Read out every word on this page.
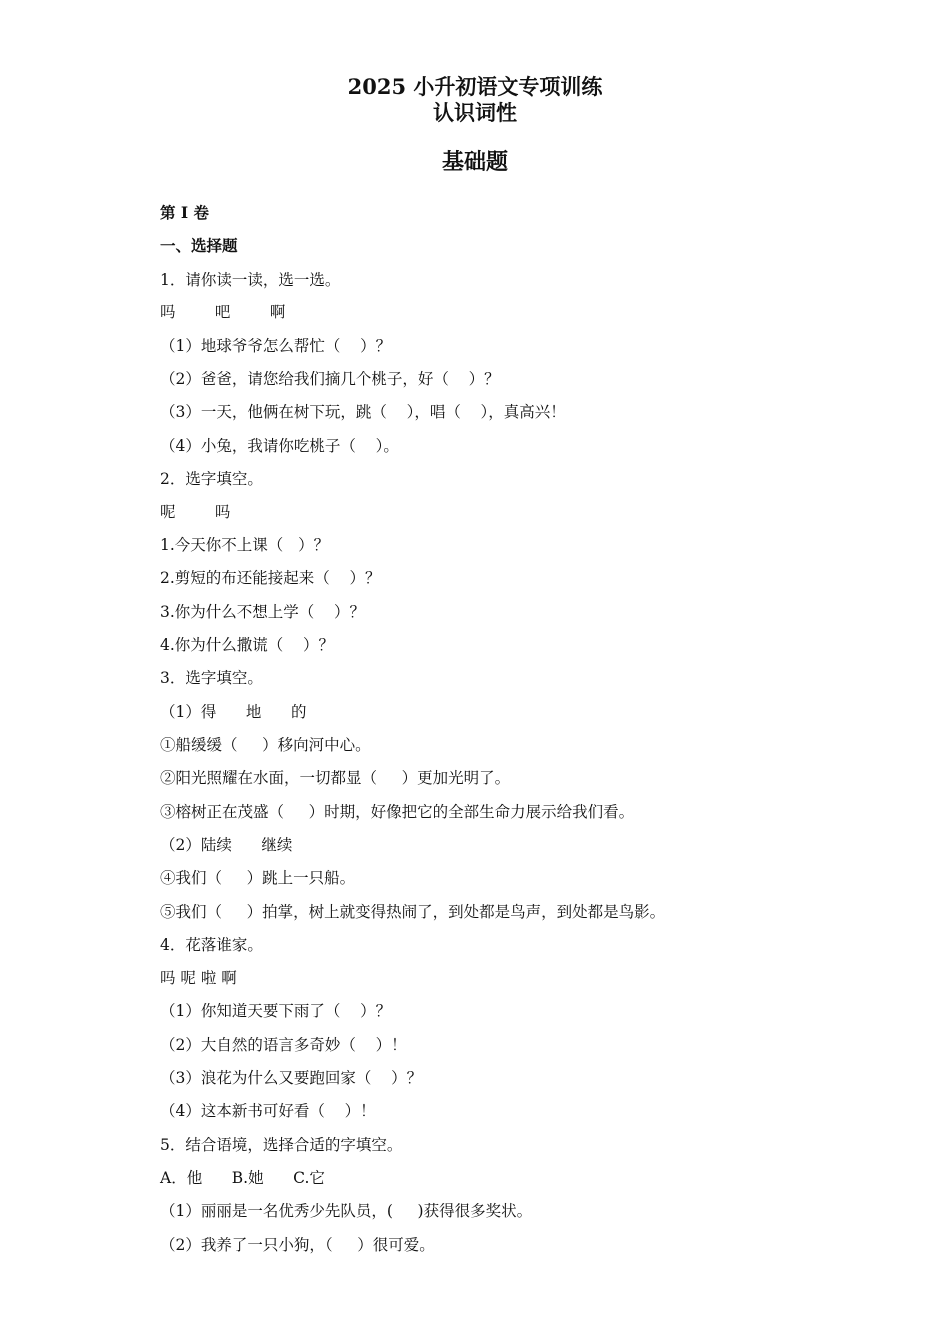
2025 小升初语文专项训练
认识词性
基础题
第 I 卷
一、选择题
1．请你读一读，选一选。
吗        吧        啊
（1）地球爷爷怎么帮忙（    ）？
（2）爸爸，请您给我们摘几个桃子，好（    ）？
（3）一天，他俩在树下玩，跳（    ），唱（    ），真高兴！
（4）小兔，我请你吃桃子（    ）。
2．选字填空。
呢        吗
1.今天你不上课（   ）？
2.剪短的布还能接起来（    ）？
3.你为什么不想上学（    ）？
4.你为什么撒谎（    ）？
3．选字填空。
（1）得      地      的
①船缓缓（     ）移向河中心。
②阳光照耀在水面，一切都显（     ）更加光明了。
③榕树正在茂盛（     ）时期，好像把它的全部生命力展示给我们看。
（2）陆续      继续
④我们（     ）跳上一只船。
⑤我们（     ）拍掌，树上就变得热闹了，到处都是鸟声，到处都是鸟影。
4．花落谁家。
吗 呢 啦 啊
（1）你知道天要下雨了（    ）？
（2）大自然的语言多奇妙（    ）！
（3）浪花为什么又要跑回家（    ）？
（4）这本新书可好看（    ）！
5．结合语境，选择合适的字填空。
A．他      B.她      C.它
（1）丽丽是一名优秀少先队员，(     )获得很多奖状。
（2）我养了一只小狗，（     ）很可爱。
